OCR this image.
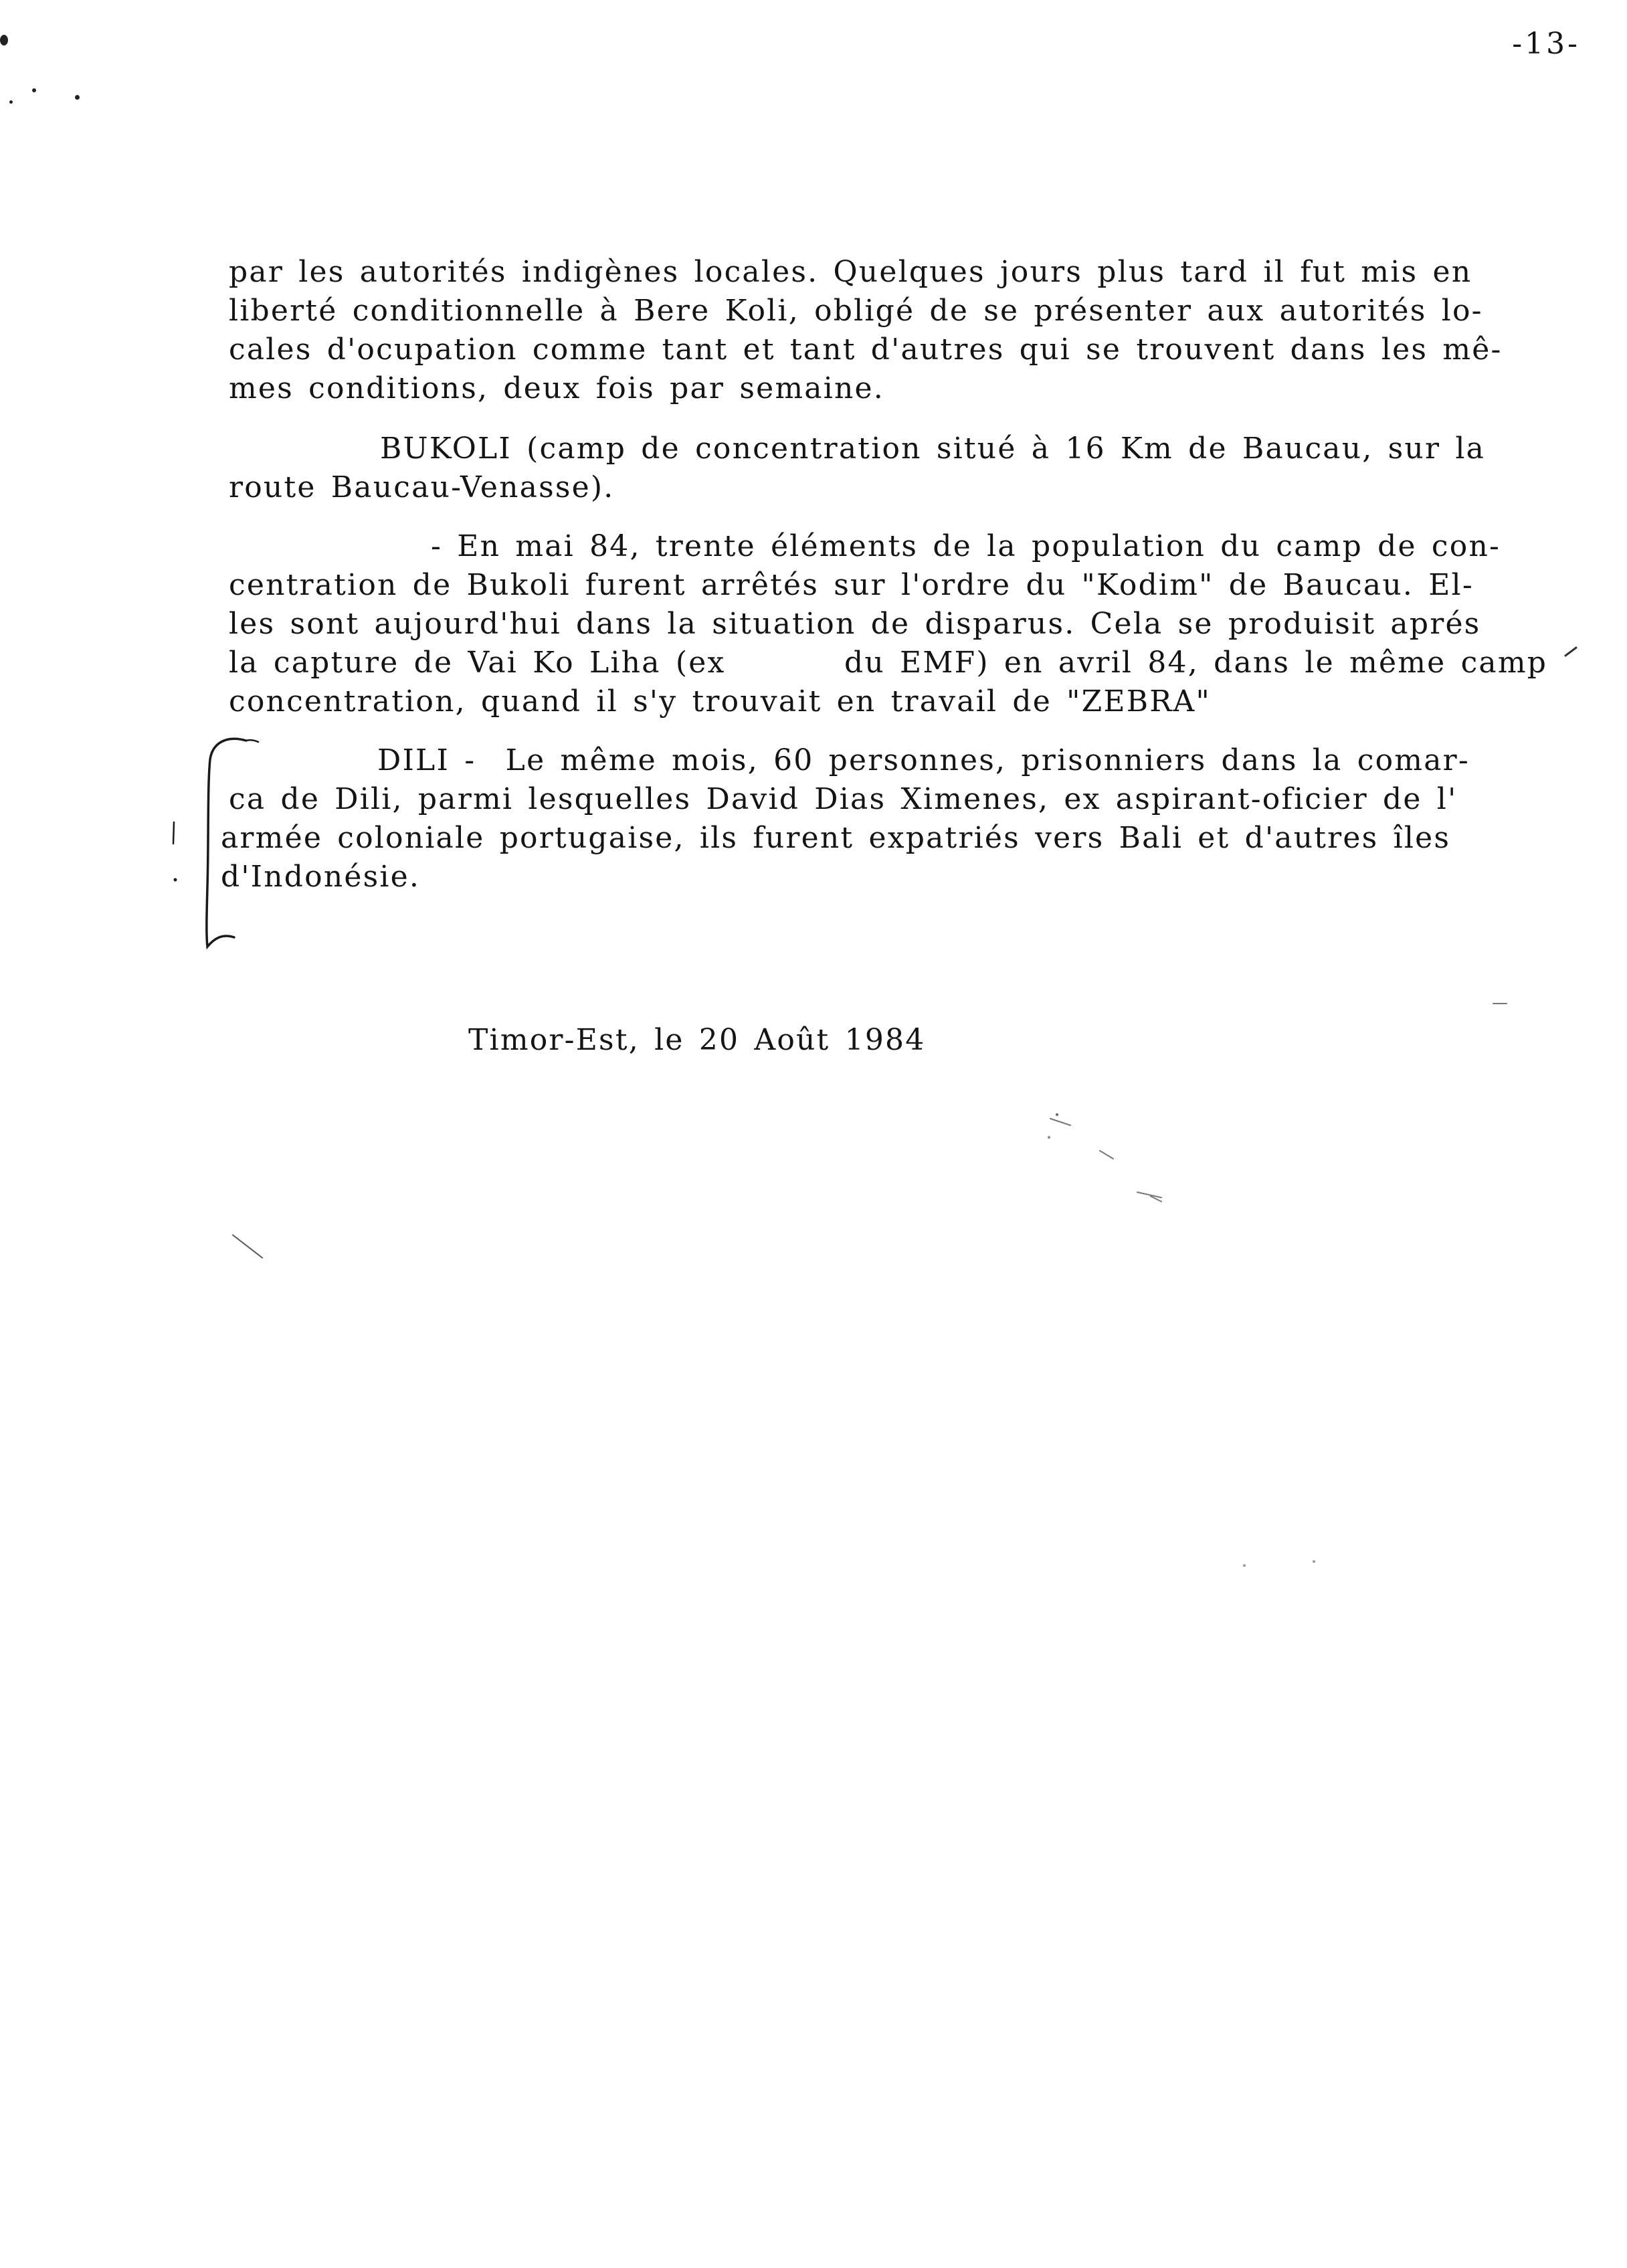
-13-
par les autorités indigènes locales. Quelques jours plus tard il fut mis en
liberté conditionnelle à Bere Koli, obligé de se présenter aux autorités lo-
cales d'ocupation comme tant et tant d'autres qui se trouvent dans les mê-
mes conditions, deux fois par semaine.
BUKOLI (camp de concentration situé à 16 Km de Baucau, sur la
route Baucau-Venasse).
- En mai 84, trente éléments de la population du camp de con-
centration de Bukoli furent arrêtés sur l'ordre du "Kodim" de Baucau. El-
les sont aujourd'hui dans la situation de disparus. Cela se produisit aprés
la capture de Vai Ko Liha (ex        du EMF) en avril 84, dans le même camp
concentration, quand il s'y trouvait en travail de "ZEBRA"
DILI -  Le même mois, 60 personnes, prisonniers dans la comar-
ca de Dili, parmi lesquelles David Dias Ximenes, ex aspirant-oficier de l'
armée coloniale portugaise, ils furent expatriés vers Bali et d'autres îles
d'Indonésie.
Timor-Est, le 20 Août 1984
